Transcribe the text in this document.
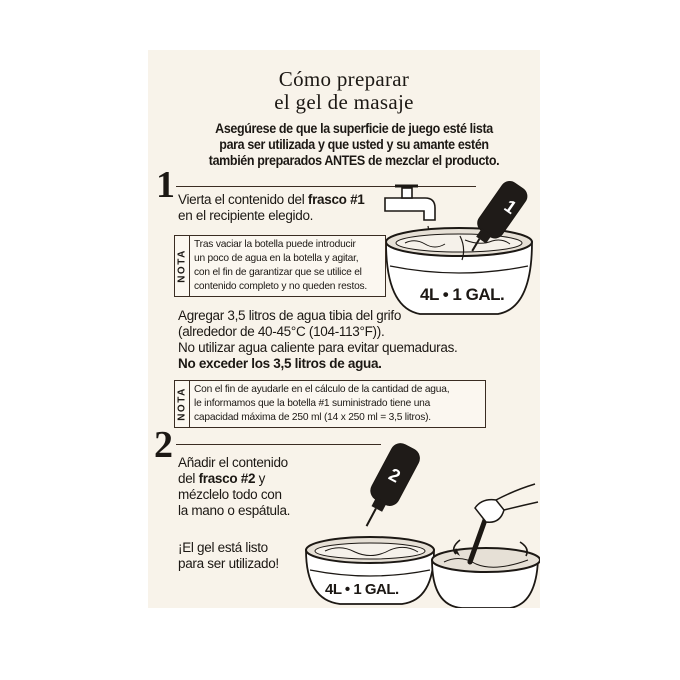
Cómo preparar
el gel de masaje
Asegúrese de que la superficie de juego esté lista
para ser utilizada y que usted y su amante estén
también preparados ANTES de mezclar el producto.
1 Vierta el contenido del frasco #1
en el recipiente elegido.	1
4L • 1 GAL.
NOTA
Tras vaciar la botella puede introducir
un poco de agua en la botella y agitar,
con el fin de garantizar que se utilice el
contenido completo y no queden restos.
Agregar 3,5 litros de agua tibia del grifo
(alrededor de 40-45°C (104-113°F)).
No utilizar agua caliente para evitar quemaduras.
No exceder los 3,5 litros de agua.
NOTA Con el fin de ayudarle en el cálculo de la cantidad de agua,
le informamos que la botella #1 suministrado tiene una
capacidad máxima de 250 ml (14 x 250 ml = 3,5 litros).
2 Añadir el contenido
del frasco #2 y
mézclelo todo con
la mano o espátula.
¡El gel está listo
para ser utilizado!
4L • 1 GAL.
2
